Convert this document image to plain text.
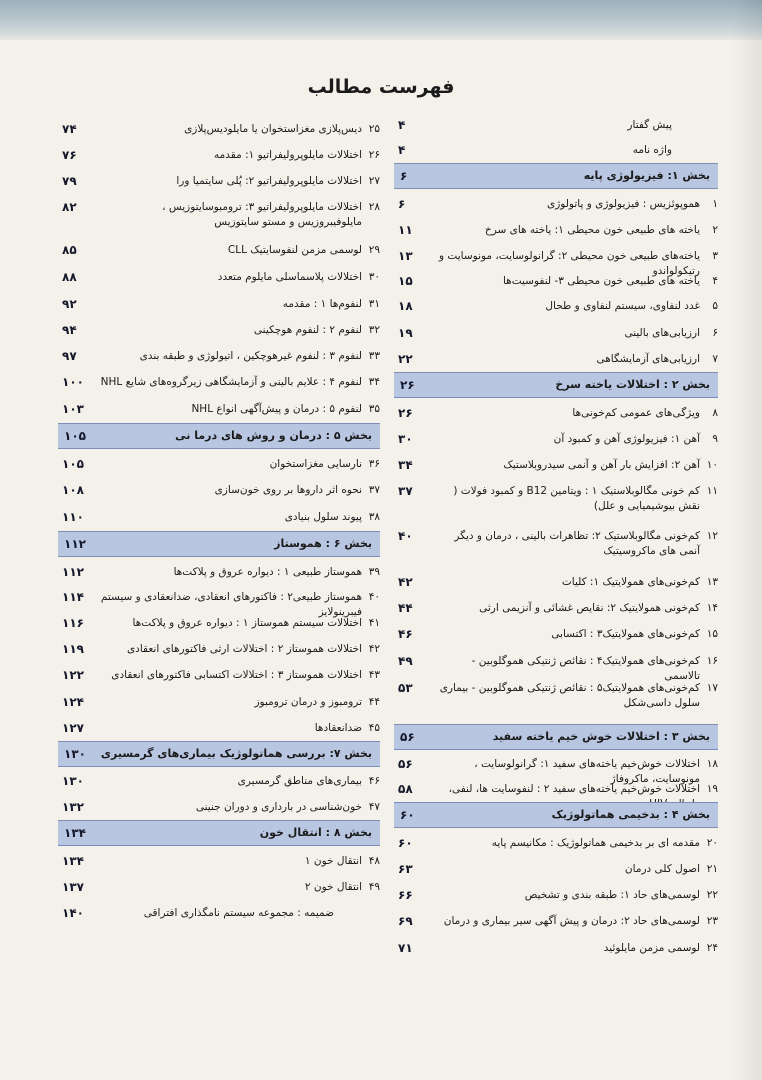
فهرست مطالب
پیش گفتار
۴
واژه نامه
۴
بخش ۱: فیزیولوژی پایه
۶
۱
هموپوئزیس : فیزیولوژی و پاتولوژی
۶
۲
یاخته های طبیعی خون محیطی ۱: یاخته های سرخ
۱۱
۳
یاخته‌های طبیعی خون محیطی ۲: گرانولوسایت، مونوسایت و رتیکولواندو
۱۳
۴
یاخته های طبیعی خون محیطی ۳- لنفوسیت‌ها
۱۵
۵
غدد لنفاوی، سیستم لنفاوی و طحال
۱۸
۶
ارزیابی‌های بالینی
۱۹
۷
ارزیابی‌های آزمایشگاهی
۲۲
بخش ۲ : اختلالات یاخته سرخ
۲۶
۸
ویژگی‌های عمومی کم‌خونی‌ها
۲۶
۹
آهن ۱: فیزیولوژی آهن و کمبود آن
۳۰
۱۰
آهن ۲: افزایش بار آهن و آنمی سیدروبلاستیک
۳۴
۱۱
کم خونی مگالوبلاستیک ۱ : ویتامین B12 و کمبود فولات ( نقش بیوشیمیایی و علل)
۳۷
۱۲
کم‌خونی مگالوبلاستیک ۲: تظاهرات بالینی ، درمان و دیگر آنمی های ماکروسیتیک
۴۰
۱۳
کم‌خونی‌های همولایتیک ۱: کلیات
۴۲
۱۴
کم‌خونی همولایتیک ۲: نقایص غشائی و آنزیمی ارثی
۴۴
۱۵
کم‌خونی‌های همولایتیک۳ : اکتسابی
۴۶
۱۶
کم‌خونی‌های همولایتیک۴ : نقائص ژنتیکی هموگلوبین - تالاسمی
۴۹
۱۷
کم‌خونی‌های همولایتیک۵ : نقائص ژنتیکی هموگلوبین - بیماری سلول داسی‌شکل
۵۳
بخش ۳ : اختلالات خوش خیم یاخته سفید
۵۶
۱۸
اختلالات خوش‌خیم یاخته‌های سفید ۱: گرانولوسایت ، مونوسایت، ماکروفاژ
۵۶
۱۹
اختلالات خوش‌خیم یاخته‌های سفید ۲ : لنفوسایت ها، لنفی،
۵۸
بخش ۴ : بدخیمی هماتولوژیک
۶۰
۲۰
مقدمه ای بر بدخیمی هماتولوژیک : مکانیسم پایه
۶۰
۲۱
اصول کلی درمان
۶۳
۲۲
لوسمی‌های حاد ۱: طبقه بندی و تشخیص
۶۶
۲۳
لوسمی‌های حاد ۲: درمان و پیش آگهی سیر بیماری و درمان
۶۹
۲۴
لوسمی مزمن مایلوئید
۷۱
۲۵
دیس‌پلازی مغزاستخوان یا مایلودیس‌پلازی
۷۴
۲۶
اختلالات مایلوپرولیفراتیو ۱: مقدمه
۷۶
۲۷
اختلالات مایلوپرولیفراتیو ۲: پُلی سایتمیا ورا
۷۹
۲۸
اختلالات مایلوپرولیفراتیو ۳: ترومبوسایتوزیس ، مایلوفیبروزیس و مستو سایتوزیس
۸۲
۲۹
لوسمی مزمن لنفوسایتیک CLL
۸۵
۳۰
اختلالات پلاسماسلی مایلوم متعدد
۸۸
۳۱
لنفوم‌ها ۱ : مقدمه
۹۲
۳۲
لنفوم ۲ : لنفوم هوچکینی
۹۴
۳۳
لنفوم ۳ : لنفوم غیرهوچکین ، اتیولوژی و طبقه بندی
۹۷
۳۴
لنفوم ۴ : علایم بالینی و آزمایشگاهی زیرگروه‌های شایع NHL
۱۰۰
۳۵
لنفوم ۵ : درمان و پیش‌آگهی انواع NHL
۱۰۳
بخش ۵ : درمان و روش های درما نی
۱۰۵
۳۶
نارسایی مغزاستخوان
۱۰۵
۳۷
نحوه اثر داروها بر روی خون‌سازی
۱۰۸
۳۸
پیوند سلول بنیادی
۱۱۰
بخش ۶ : هموستاز
۱۱۲
۳۹
هموستاز طبیعی ۱ : دیواره عروق و پلاکت‌ها
۱۱۲
۴۰
هموستاز طبیعی۲ : فاکتورهای انعقادی، ضدانعقادی و سیستم فیبرینولایز
۱۱۴
۴۱
اختلالات سیستم هموستاز ۱ : دیواره عروق و پلاکت‌ها
۱۱۶
۴۲
اختلالات هموستاز ۲ : اختلالات ارثی فاکتورهای انعقادی
۱۱۹
۴۳
اختلالات هموستاز ۳ : اختلالات اکتسابی فاکتورهای انعقادی
۱۲۲
۴۴
ترومبوز و درمان ترومبوز
۱۲۴
۴۵
ضدانعقادها
۱۲۷
بخش ۷: بررسی هماتولوژیک بیماری‌های گرمسیری
۱۳۰
۴۶
بیماری‌های مناطق گرمسیری
۱۳۰
۴۷
خون‌شناسی در بارداری و دوران جنینی
۱۳۲
بخش ۸ : انتقال خون
۱۳۴
۴۸
انتقال خون ۱
۱۳۴
۴۹
انتقال خون ۲
۱۳۷
ضمیمه : مجموعه سیستم نامگذاری افتراقی
۱۴۰
